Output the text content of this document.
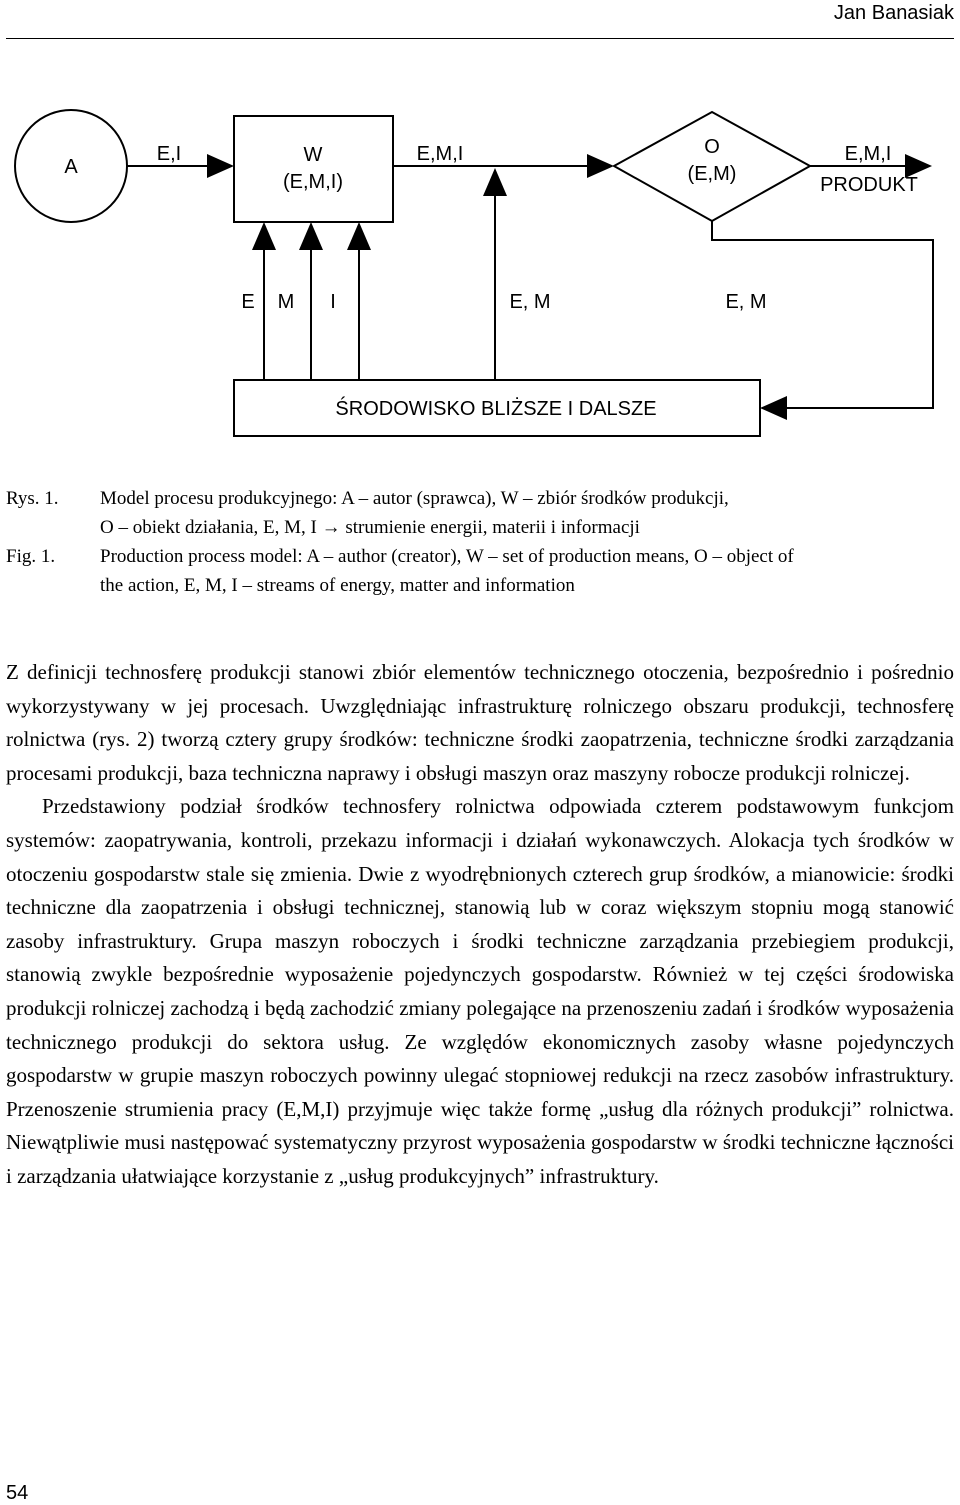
Jan Banasiak
A
E,I	W
(E,M,I)
E,M,I	O
(E,M)
E,M,I
PRODUKT
E M I	E, M	E, M
ŚRODOWISKO BLIŻSZE I DALSZE
Rys. 1.	Model procesu produkcyjnego: A – autor (sprawca), W – zbiór środków produkcji,
O – obiekt działania, E, M, I → strumienie energii, materii i informacji
Fig. 1.	Production process model: A – author (creator), W – set of production means, O – object of
the action, E, M, I – streams of energy, matter and information

Z definicji technosferę produkcji stanowi zbiór elementów technicznego otoczenia, bezpośrednio i pośrednio wykorzystywany w jej procesach. Uwzględniając infrastrukturę rolniczego obszaru produkcji, technosferę rolnictwa (rys. 2) tworzą cztery grupy środków: techniczne środki zaopatrzenia, techniczne środki zarządzania procesami produkcji, baza techniczna naprawy i obsługi maszyn oraz maszyny robocze produkcji rolniczej.

Przedstawiony podział środków technosfery rolnictwa odpowiada czterem podstawowym funkcjom systemów: zaopatrywania, kontroli, przekazu informacji i działań wykonawczych. Alokacja tych środków w otoczeniu gospodarstw stale się zmienia. Dwie z wyodrębnionych czterech grup środków, a mianowicie: środki techniczne dla zaopatrzenia i obsługi technicznej, stanowią lub w coraz większym stopniu mogą stanowić zasoby infrastruktury. Grupa maszyn roboczych i środki techniczne zarządzania przebiegiem produkcji, stanowią zwykle bezpośrednie wyposażenie pojedynczych gospodarstw. Również w tej części środowiska produkcji rolniczej zachodzą i będą zachodzić zmiany polegające na przenoszeniu zadań i środków wyposażenia technicznego produkcji do sektora usług. Ze względów ekonomicznych zasoby własne pojedynczych gospodarstw w grupie maszyn roboczych powinny ulegać stopniowej redukcji na rzecz zasobów infrastruktury. Przenoszenie strumienia pracy (E,M,I) przyjmuje więc także formę „usług dla różnych produkcji” rolnictwa. Niewątpliwie musi następować systematyczny przyrost wyposażenia gospodarstw w środki techniczne łączności i zarządzania ułatwiające korzystanie z „usług produkcyjnych” infrastruktury.

54
